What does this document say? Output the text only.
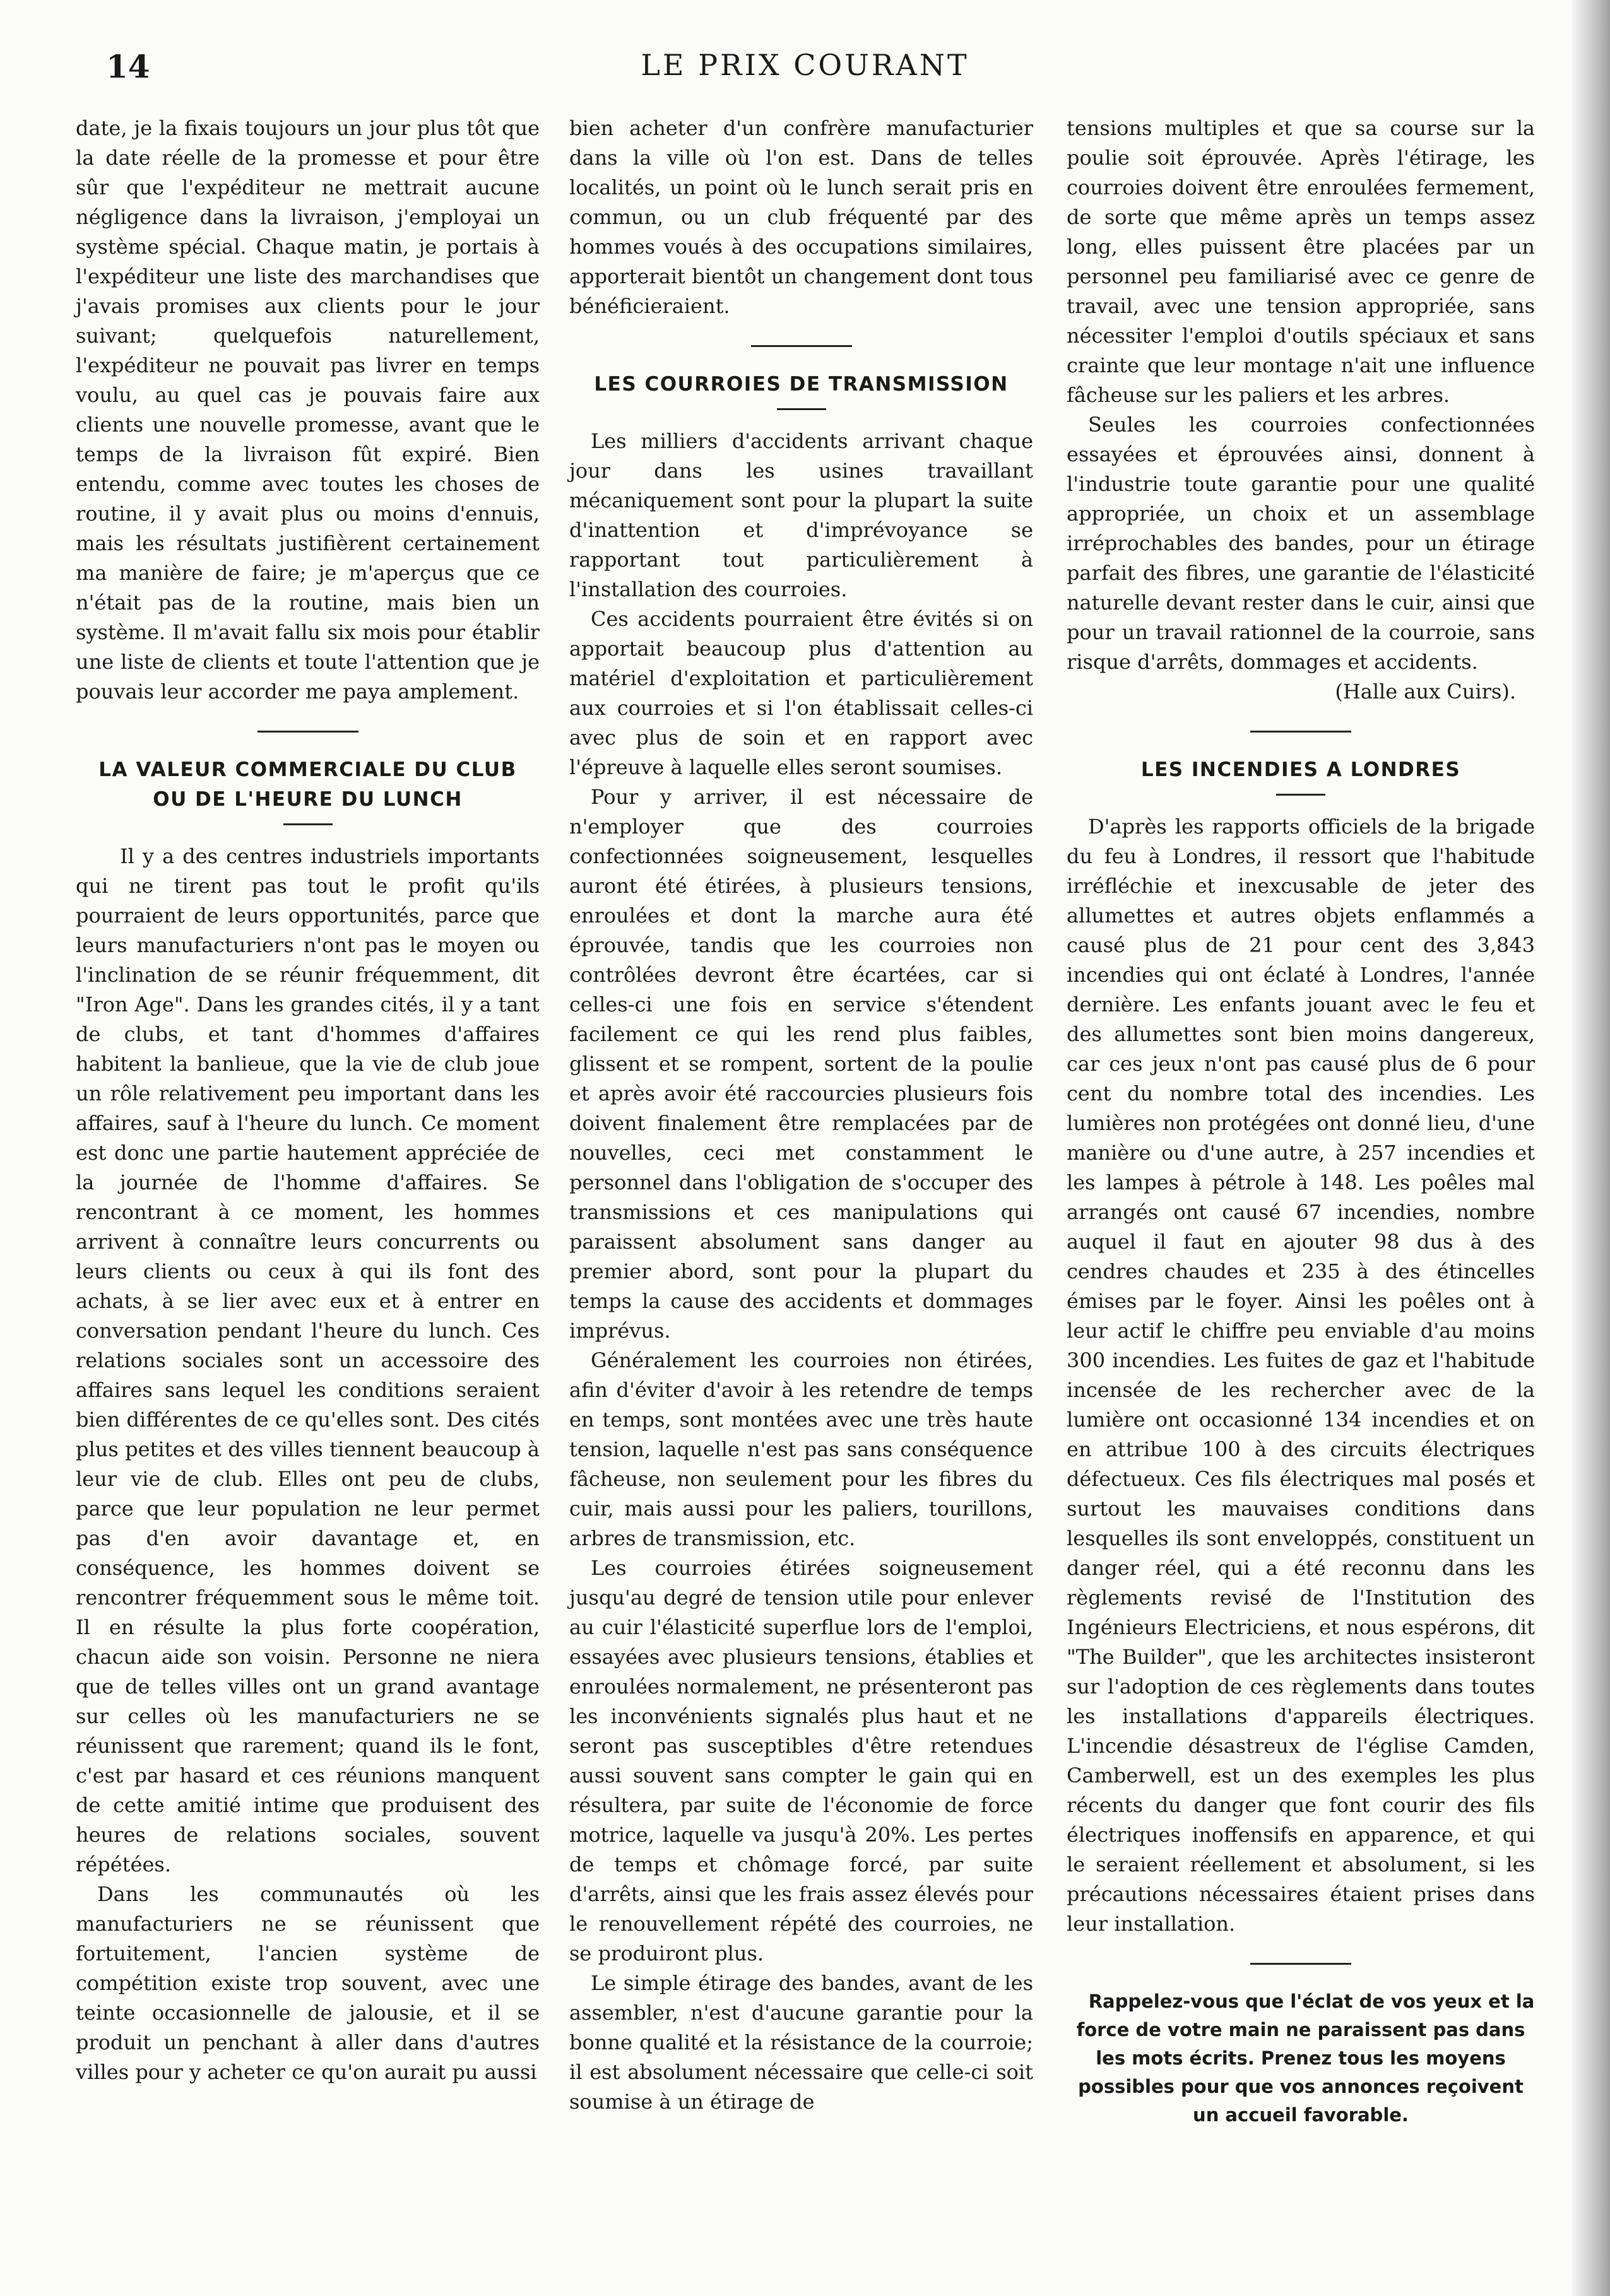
14	LE PRIX COURANT

date, je la fixais toujours un jour plus tôt que la date réelle de la promesse et pour être sûr que l'expéditeur ne mettrait aucune négligence dans la livraison, j'employai un système spécial. Chaque matin, je portais à l'expéditeur une liste des marchandises que j'avais promises aux clients pour le jour suivant; quelquefois naturellement, l'expéditeur ne pouvait pas livrer en temps voulu, au quel cas je pouvais faire aux clients une nouvelle promesse, avant que le temps de la livraison fût expiré. Bien entendu, comme avec toutes les choses de routine, il y avait plus ou moins d'ennuis, mais les résultats justifièrent certainement ma manière de faire; je m'aperçus que ce n'était pas de la routine, mais bien un système. Il m'avait fallu six mois pour établir une liste de clients et toute l'attention que je pouvais leur accorder me paya amplement.

LA VALEUR COMMERCIALE DU CLUB
OU DE L'HEURE DU LUNCH

Il y a des centres industriels importants qui ne tirent pas tout le profit qu'ils pourraient de leurs opportunités, parce que leurs manufacturiers n'ont pas le moyen ou l'inclination de se réunir fréquemment, dit "Iron Age". Dans les grandes cités, il y a tant de clubs, et tant d'hommes d'affaires habitent la banlieue, que la vie de club joue un rôle relativement peu important dans les affaires, sauf à l'heure du lunch. Ce moment est donc une partie hautement appréciée de la journée de l'homme d'affaires. Se rencontrant à ce moment, les hommes arrivent à connaître leurs concurrents ou leurs clients ou ceux à qui ils font des achats, à se lier avec eux et à entrer en conversation pendant l'heure du lunch. Ces relations sociales sont un accessoire des affaires sans lequel les conditions seraient bien différentes de ce qu'elles sont. Des cités plus petites et des villes tiennent beaucoup à leur vie de club. Elles ont peu de clubs, parce que leur population ne leur permet pas d'en avoir davantage et, en conséquence, les hommes doivent se rencontrer fréquemment sous le même toit. Il en résulte la plus forte coopération, chacun aide son voisin. Personne ne niera que de telles villes ont un grand avantage sur celles où les manufacturiers ne se réunissent que rarement; quand ils le font, c'est par hasard et ces réunions manquent de cette amitié intime que produisent des heures de relations sociales, souvent répétées.

Dans les communautés où les manufacturiers ne se réunissent que fortuitement, l'ancien système de compétition existe trop souvent, avec une teinte occasionnelle de jalousie, et il se produit un penchant à aller dans d'autres villes pour y acheter ce qu'on aurait pu aussi

bien acheter d'un confrère manufacturier dans la ville où l'on est. Dans de telles localités, un point où le lunch serait pris en commun, ou un club fréquenté par des hommes voués à des occupations similaires, apporterait bientôt un changement dont tous bénéficieraient.

LES COURROIES DE TRANSMISSION

Les milliers d'accidents arrivant chaque jour dans les usines travaillant mécaniquement sont pour la plupart la suite d'inattention et d'imprévoyance se rapportant tout particulièrement à l'installation des courroies.

Ces accidents pourraient être évités si on apportait beaucoup plus d'attention au matériel d'exploitation et particulièrement aux courroies et si l'on établissait celles-ci avec plus de soin et en rapport avec l'épreuve à laquelle elles seront soumises.

Pour y arriver, il est nécessaire de n'employer que des courroies confectionnées soigneusement, lesquelles auront été étirées, à plusieurs tensions, enroulées et dont la marche aura été éprouvée, tandis que les courroies non contrôlées devront être écartées, car si celles-ci une fois en service s'étendent facilement ce qui les rend plus faibles, glissent et se rompent, sortent de la poulie et après avoir été raccourcies plusieurs fois doivent finalement être remplacées par de nouvelles, ceci met constamment le personnel dans l'obligation de s'occuper des transmissions et ces manipulations qui paraissent absolument sans danger au premier abord, sont pour la plupart du temps la cause des accidents et dommages imprévus.

Généralement les courroies non étirées, afin d'éviter d'avoir à les retendre de temps en temps, sont montées avec une très haute tension, laquelle n'est pas sans conséquence fâcheuse, non seulement pour les fibres du cuir, mais aussi pour les paliers, tourillons, arbres de transmission, etc.

Les courroies étirées soigneusement jusqu'au degré de tension utile pour enlever au cuir l'élasticité superflue lors de l'emploi, essayées avec plusieurs tensions, établies et enroulées normalement, ne présenteront pas les inconvénients signalés plus haut et ne seront pas susceptibles d'être retendues aussi souvent sans compter le gain qui en résultera, par suite de l'économie de force motrice, laquelle va jusqu'à 20%. Les pertes de temps et chômage forcé, par suite d'arrêts, ainsi que les frais assez élevés pour le renouvellement répété des courroies, ne se produiront plus.

Le simple étirage des bandes, avant de les assembler, n'est d'aucune garantie pour la bonne qualité et la résistance de la courroie; il est absolument nécessaire que celle-ci soit soumise à un étirage de

tensions multiples et que sa course sur la poulie soit éprouvée. Après l'étirage, les courroies doivent être enroulées fermement, de sorte que même après un temps assez long, elles puissent être placées par un personnel peu familiarisé avec ce genre de travail, avec une tension appropriée, sans nécessiter l'emploi d'outils spéciaux et sans crainte que leur montage n'ait une influence fâcheuse sur les paliers et les arbres.

Seules les courroies confectionnées essayées et éprouvées ainsi, donnent à l'industrie toute garantie pour une qualité appropriée, un choix et un assemblage irréprochables des bandes, pour un étirage parfait des fibres, une garantie de l'élasticité naturelle devant rester dans le cuir, ainsi que pour un travail rationnel de la courroie, sans risque d'arrêts, dommages et accidents.

(Halle aux Cuirs).

LES INCENDIES A LONDRES

D'après les rapports officiels de la brigade du feu à Londres, il ressort que l'habitude irréfléchie et inexcusable de jeter des allumettes et autres objets enflammés a causé plus de 21 pour cent des 3,843 incendies qui ont éclaté à Londres, l'année dernière. Les enfants jouant avec le feu et des allumettes sont bien moins dangereux, car ces jeux n'ont pas causé plus de 6 pour cent du nombre total des incendies. Les lumières non protégées ont donné lieu, d'une manière ou d'une autre, à 257 incendies et les lampes à pétrole à 148. Les poêles mal arrangés ont causé 67 incendies, nombre auquel il faut en ajouter 98 dus à des cendres chaudes et 235 à des étincelles émises par le foyer. Ainsi les poêles ont à leur actif le chiffre peu enviable d'au moins 300 incendies. Les fuites de gaz et l'habitude incensée de les rechercher avec de la lumière ont occasionné 134 incendies et on en attribue 100 à des circuits électriques défectueux. Ces fils électriques mal posés et surtout les mauvaises conditions dans lesquelles ils sont enveloppés, constituent un danger réel, qui a été reconnu dans les règlements revisé de l'Institution des Ingénieurs Electriciens, et nous espérons, dit "The Builder", que les architectes insisteront sur l'adoption de ces règlements dans toutes les installations d'appareils électriques. L'incendie désastreux de l'église Camden, Camberwell, est un des exemples les plus récents du danger que font courir des fils électriques inoffensifs en apparence, et qui le seraient réellement et absolument, si les précautions nécessaires étaient prises dans leur installation.

Rappelez-vous que l'éclat de vos yeux et la force de votre main ne paraissent pas dans les mots écrits. Prenez tous les moyens possibles pour que vos annonces reçoivent un accueil favorable.
